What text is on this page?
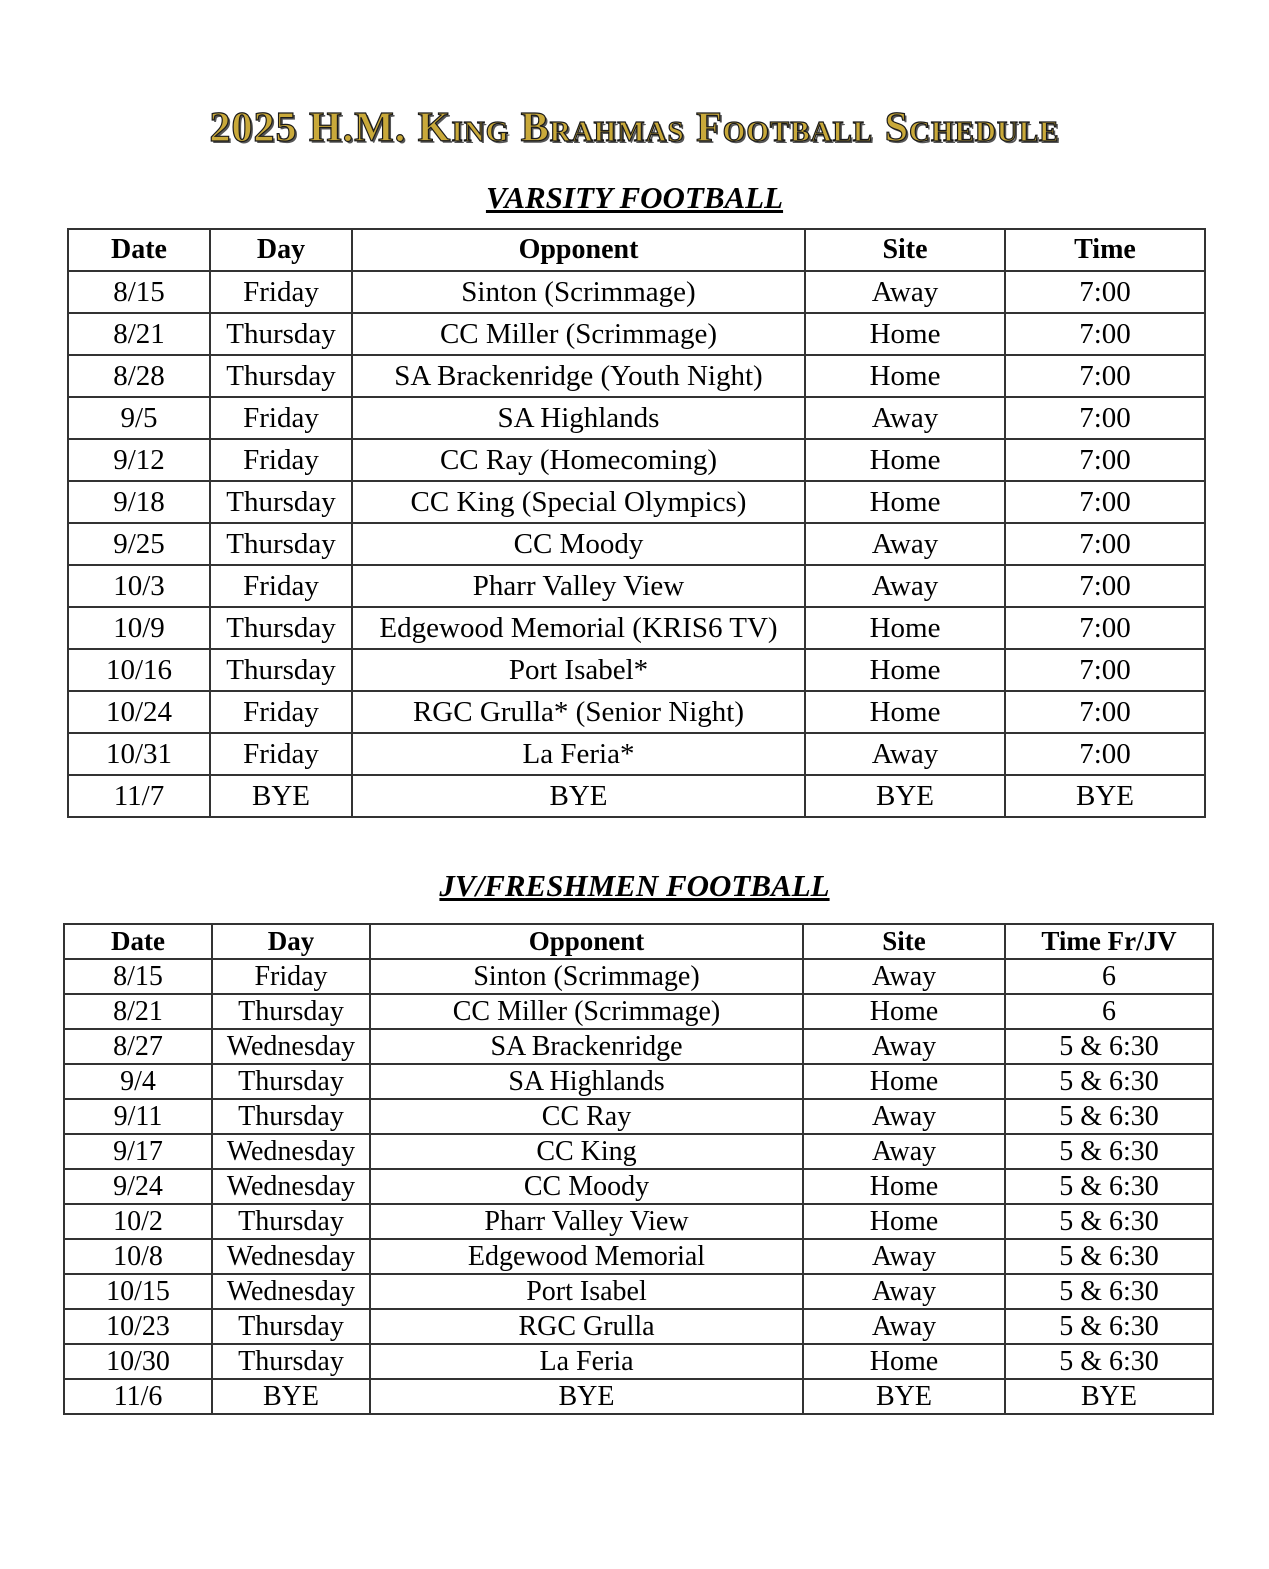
2025 H.M. King Brahmas Football Schedule
VARSITY FOOTBALL
Date	Day	Opponent	Site	Time
8/15	Friday	Sinton (Scrimmage)	Away	7:00
8/21	Thursday	CC Miller (Scrimmage)	Home	7:00
8/28	Thursday	SA Brackenridge (Youth Night)	Home	7:00
9/5	Friday	SA Highlands	Away	7:00
9/12	Friday	CC Ray (Homecoming)	Home	7:00
9/18	Thursday	CC King (Special Olympics)	Home	7:00
9/25	Thursday	CC Moody	Away	7:00
10/3	Friday	Pharr Valley View	Away	7:00
10/9	Thursday	Edgewood Memorial (KRIS6 TV)	Home	7:00
10/16	Thursday	Port Isabel*	Home	7:00
10/24	Friday	RGC Grulla* (Senior Night)	Home	7:00
10/31	Friday	La Feria*	Away	7:00
11/7	BYE	BYE	BYE	BYE
JV/FRESHMEN FOOTBALL
Date	Day	Opponent	Site	Time Fr/JV
8/15	Friday	Sinton (Scrimmage)	Away	6
8/21	Thursday	CC Miller (Scrimmage)	Home	6
8/27	Wednesday	SA Brackenridge	Away	5 & 6:30
9/4	Thursday	SA Highlands	Home	5 & 6:30
9/11	Thursday	CC Ray	Away	5 & 6:30
9/17	Wednesday	CC King	Away	5 & 6:30
9/24	Wednesday	CC Moody	Home	5 & 6:30
10/2	Thursday	Pharr Valley View	Home	5 & 6:30
10/8	Wednesday	Edgewood Memorial	Away	5 & 6:30
10/15	Wednesday	Port Isabel	Away	5 & 6:30
10/23	Thursday	RGC Grulla	Away	5 & 6:30
10/30	Thursday	La Feria	Home	5 & 6:30
11/6	BYE	BYE	BYE	BYE
